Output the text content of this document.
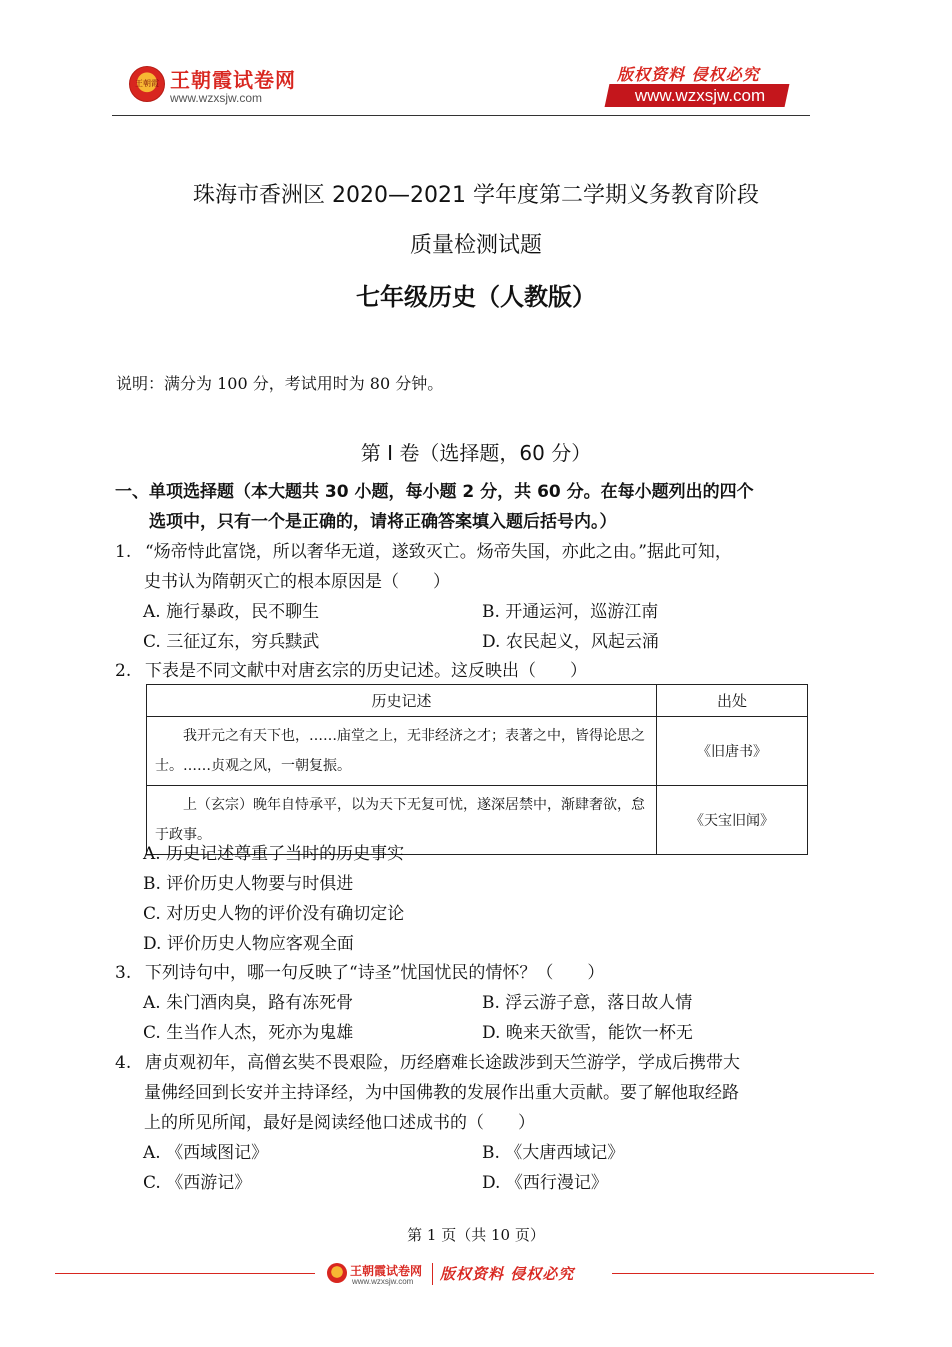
王朝霞 王朝霞试卷网
www.wzxsjw.com
版权资料 侵权必究
www.wzxsjw.com
珠海市香洲区 2020—2021 学年度第二学期义务教育阶段
质量检测试题
七年级历史（人教版）
说明：满分为 100 分，考试用时为 80 分钟。
第 I 卷（选择题，60 分）
一、单项选择题（本大题共 30 小题，每小题 2 分，共 60 分。在每小题列出的四个
选项中，只有一个是正确的，请将正确答案填入题后括号内。）
1. “炀帝恃此富饶，所以奢华无道，遂致灭亡。炀帝失国，亦此之由。”据此可知，
史书认为隋朝灭亡的根本原因是（　　）
A. 施行暴政，民不聊生	B. 开通运河，巡游江南
C. 三征辽东，穷兵黩武	D. 农民起义，风起云涌
2. 下表是不同文献中对唐玄宗的历史记述。这反映出（　　）
历史记述	出处
我开元之有天下也，……庙堂之上，无非经济之才；表著之中，皆得论思之士。……贞观之风，一朝复振。	《旧唐书》
上（玄宗）晚年自恃承平，以为天下无复可忧，遂深居禁中，渐肆奢欲，怠于政事。	《天宝旧闻》
A. 历史记述尊重了当时的历史事实
B. 评价历史人物要与时俱进
C. 对历史人物的评价没有确切定论
D. 评价历史人物应客观全面
3. 下列诗句中，哪一句反映了“诗圣”忧国忧民的情怀？（　　）
A. 朱门酒肉臭，路有冻死骨	B. 浮云游子意，落日故人情
C. 生当作人杰，死亦为鬼雄	D. 晚来天欲雪，能饮一杯无
4. 唐贞观初年，高僧玄奘不畏艰险，历经磨难长途跋涉到天竺游学，学成后携带大
量佛经回到长安并主持译经，为中国佛教的发展作出重大贡献。要了解他取经路
上的所见所闻，最好是阅读经他口述成书的（　　）
A. 《西域图记》	B. 《大唐西域记》
C. 《西游记》	D. 《西行漫记》
第 1 页（共 10 页）
王朝霞试卷网
www.wzxsjw.com 版权资料 侵权必究
